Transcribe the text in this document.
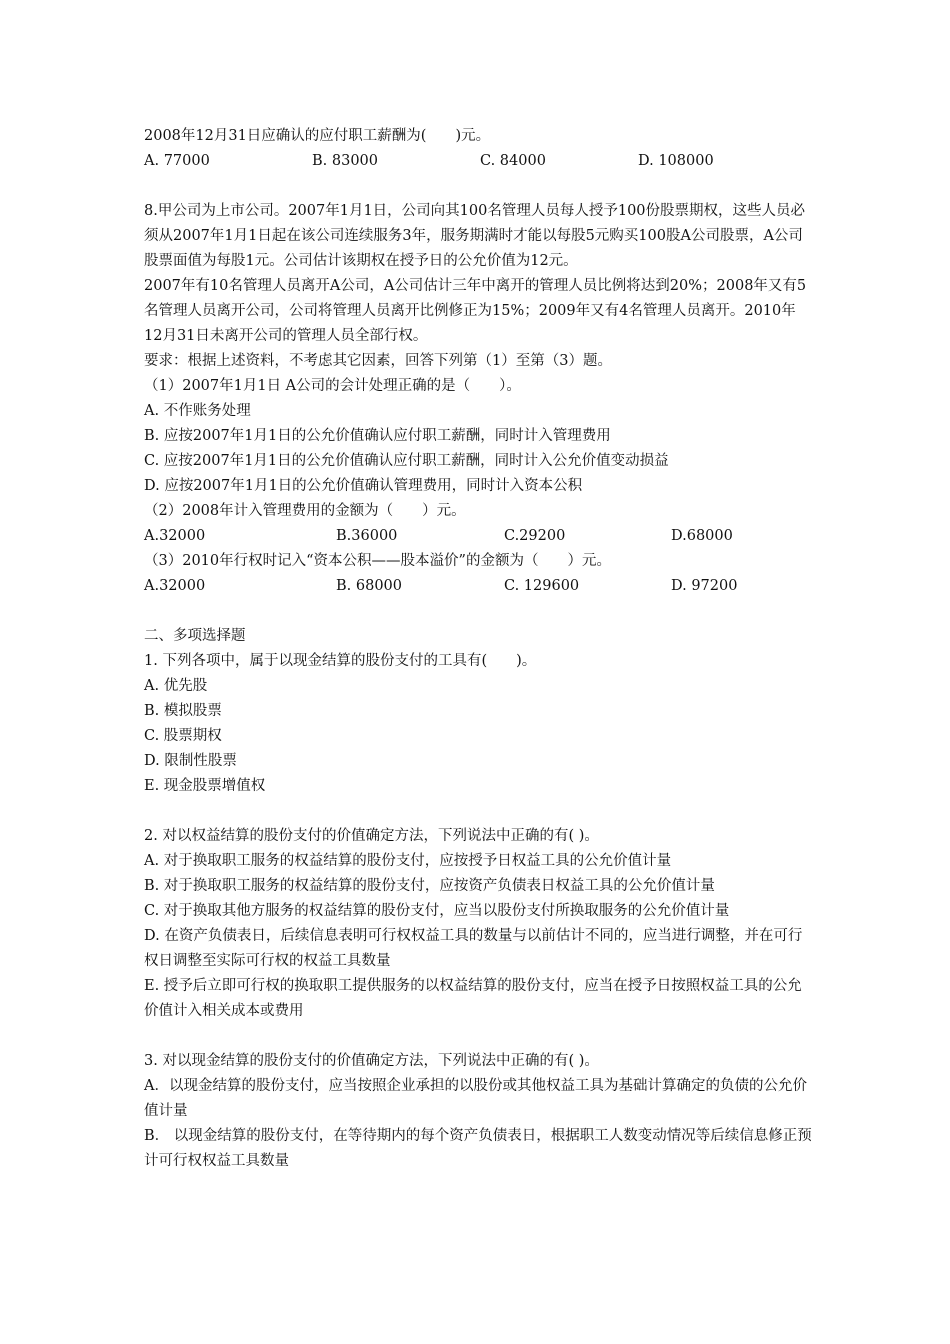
2008年12月31日应确认的应付职工薪酬为(　　)元。
A. 77000	B. 83000	C. 84000	D. 108000
8.甲公司为上市公司。2007年1月1日，公司向其100名管理人员每人授予100份股票期权，这些人员必须从2007年1月1日起在该公司连续服务3年，服务期满时才能以每股5元购买100股A公司股票，A公司股票面值为每股1元。公司估计该期权在授予日的公允价值为12元。
2007年有10名管理人员离开A公司，A公司估计三年中离开的管理人员比例将达到20%；2008年又有5名管理人员离开公司，公司将管理人员离开比例修正为15%；2009年又有4名管理人员离开。2010年12月31日未离开公司的管理人员全部行权。
要求：根据上述资料，不考虑其它因素，回答下列第（1）至第（3）题。
（1）2007年1月1日 A公司的会计处理正确的是（　　）。
A. 不作账务处理
B. 应按2007年1月1日的公允价值确认应付职工薪酬，同时计入管理费用
C. 应按2007年1月1日的公允价值确认应付职工薪酬，同时计入公允价值变动损益
D. 应按2007年1月1日的公允价值确认管理费用，同时计入资本公积
（2）2008年计入管理费用的金额为（　　）元。
A.32000	B.36000	C.29200	D.68000
（3）2010年行权时记入“资本公积——股本溢价”的金额为（　　）元。
A.32000	B. 68000	C. 129600	D. 97200
二、多项选择题
1. 下列各项中，属于以现金结算的股份支付的工具有(　　)。
A. 优先股
B. 模拟股票
C. 股票期权
D. 限制性股票
E. 现金股票增值权
2. 对以权益结算的股份支付的价值确定方法，下列说法中正确的有( )。
A. 对于换取职工服务的权益结算的股份支付，应按授予日权益工具的公允价值计量
B. 对于换取职工服务的权益结算的股份支付，应按资产负债表日权益工具的公允价值计量
C. 对于换取其他方服务的权益结算的股份支付，应当以股份支付所换取服务的公允价值计量
D. 在资产负债表日，后续信息表明可行权权益工具的数量与以前估计不同的，应当进行调整，并在可行权日调整至实际可行权的权益工具数量
E. 授予后立即可行权的换取职工提供服务的以权益结算的股份支付，应当在授予日按照权益工具的公允价值计入相关成本或费用
3. 对以现金结算的股份支付的价值确定方法，下列说法中正确的有( )。
A．以现金结算的股份支付，应当按照企业承担的以股份或其他权益工具为基础计算确定的负债的公允价值计量
B． 以现金结算的股份支付，在等待期内的每个资产负债表日，根据职工人数变动情况等后续信息修正预计可行权权益工具数量
